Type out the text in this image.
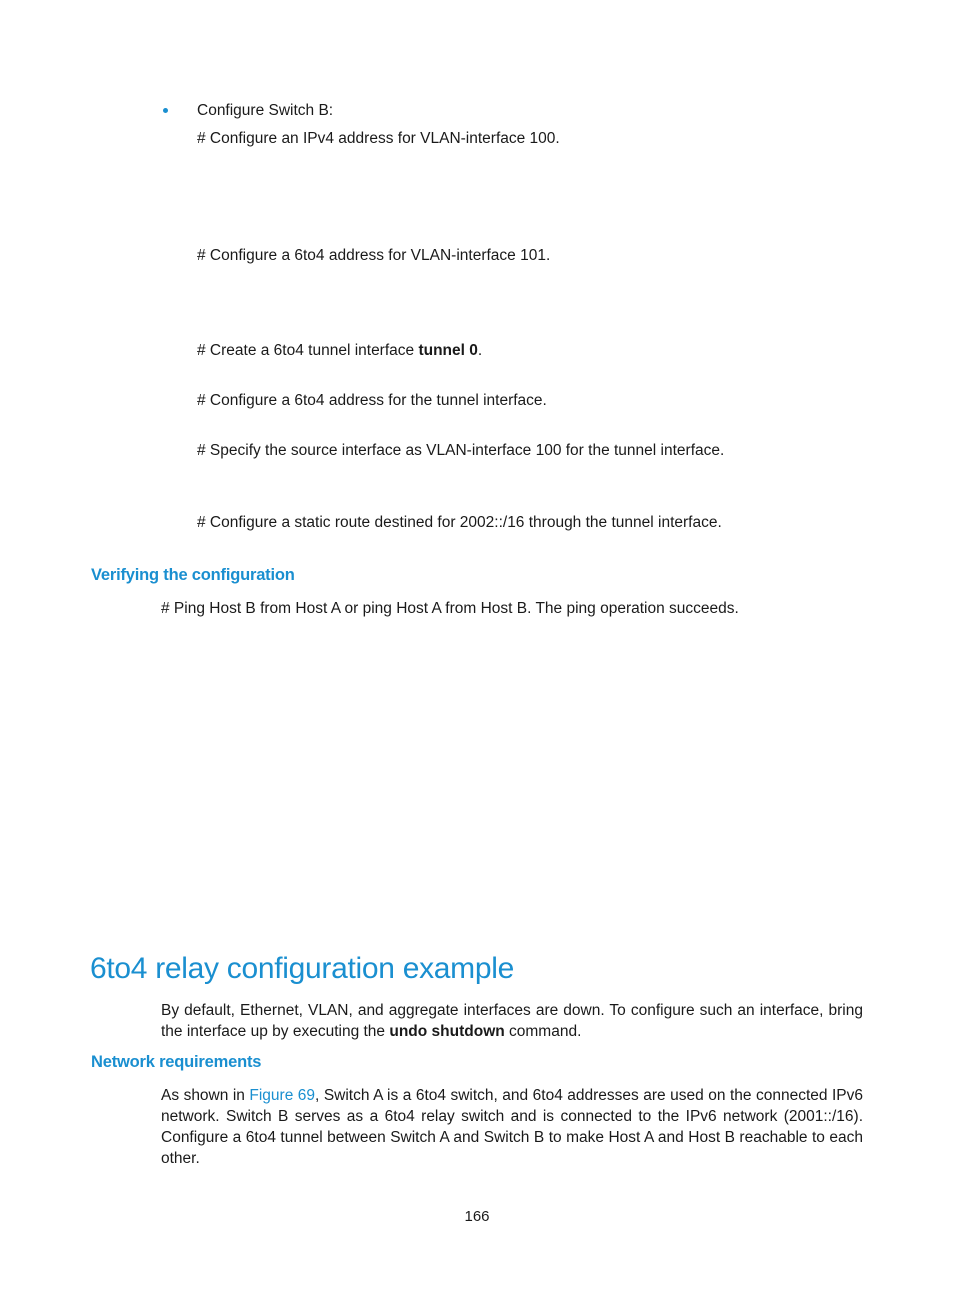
Configure Switch B:
# Configure an IPv4 address for VLAN-interface 100.
# Configure a 6to4 address for VLAN-interface 101.
# Create a 6to4 tunnel interface tunnel 0.
# Configure a 6to4 address for the tunnel interface.
# Specify the source interface as VLAN-interface 100 for the tunnel interface.
# Configure a static route destined for 2002::/16 through the tunnel interface.
Verifying the configuration
# Ping Host B from Host A or ping Host A from Host B. The ping operation succeeds.
6to4 relay configuration example
By default, Ethernet, VLAN, and aggregate interfaces are down. To configure such an interface, bring
the interface up by executing the undo shutdown command.
Network requirements
As shown in Figure 69, Switch A is a 6to4 switch, and 6to4 addresses are used on the connected IPv6
network. Switch B serves as a 6to4 relay switch and is connected to the IPv6 network (2001::/16).
Configure a 6to4 tunnel between Switch A and Switch B to make Host A and Host B reachable to each
other.
166
